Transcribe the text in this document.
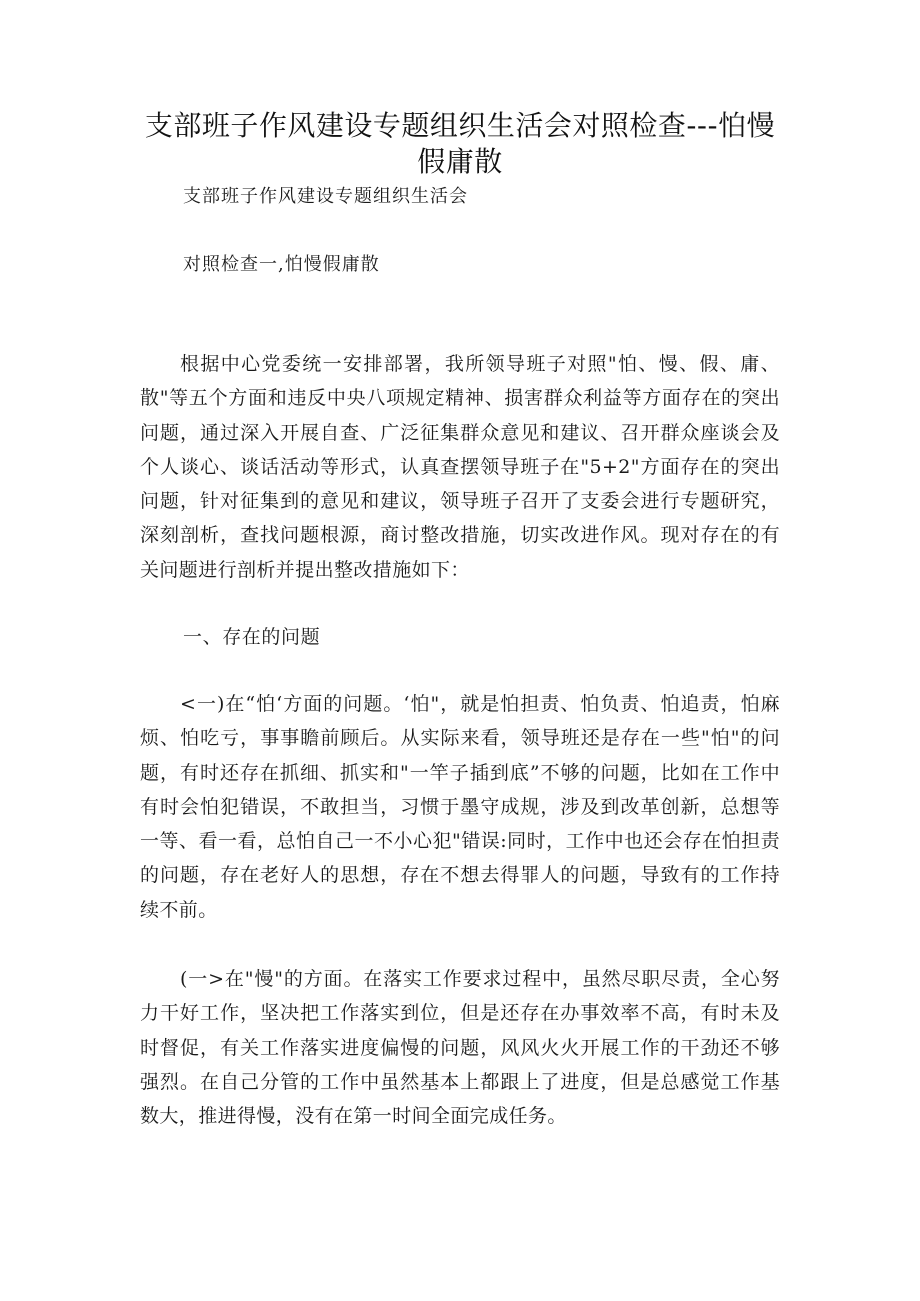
支部班子作风建设专题组织生活会对照检查---怕慢假庸散
支部班子作风建设专题组织生活会
对照检查一,怕慢假庸散
根据中心党委统一安排部署，我所领导班子对照"怕、慢、假、庸、散"等五个方面和违反中央八项规定精神、损害群众利益等方面存在的突出问题，通过深入开展自查、广泛征集群众意见和建议、召开群众座谈会及个人谈心、谈话活动等形式，认真查摆领导班子在"5+2"方面存在的突出问题，针对征集到的意见和建议，领导班子召开了支委会进行专题研究，深刻剖析，查找问题根源，商讨整改措施，切实改进作风。现对存在的有关问题进行剖析并提出整改措施如下：
一、存在的问题
<一)在“怕‘方面的问题。‘怕"，就是怕担责、怕负责、怕追责，怕麻烦、怕吃亏，事事瞻前顾后。从实际来看，领导班还是存在一些"怕"的问题，有时还存在抓细、抓实和"一竿子插到底”不够的问题，比如在工作中有时会怕犯错误，不敢担当，习惯于墨守成规，涉及到改革创新，总想等一等、看一看，总怕自己一不小心犯"错误:同时，工作中也还会存在怕担责的问题，存在老好人的思想，存在不想去得罪人的问题，导致有的工作持续不前。
(一>在"慢"的方面。在落实工作要求过程中，虽然尽职尽责，全心努力干好工作，坚决把工作落实到位，但是还存在办事效率不高，有时未及时督促，有关工作落实进度偏慢的问题，风风火火开展工作的干劲还不够强烈。在自己分管的工作中虽然基本上都跟上了进度，但是总感觉工作基数大，推进得慢，没有在第一时间全面完成任务。
